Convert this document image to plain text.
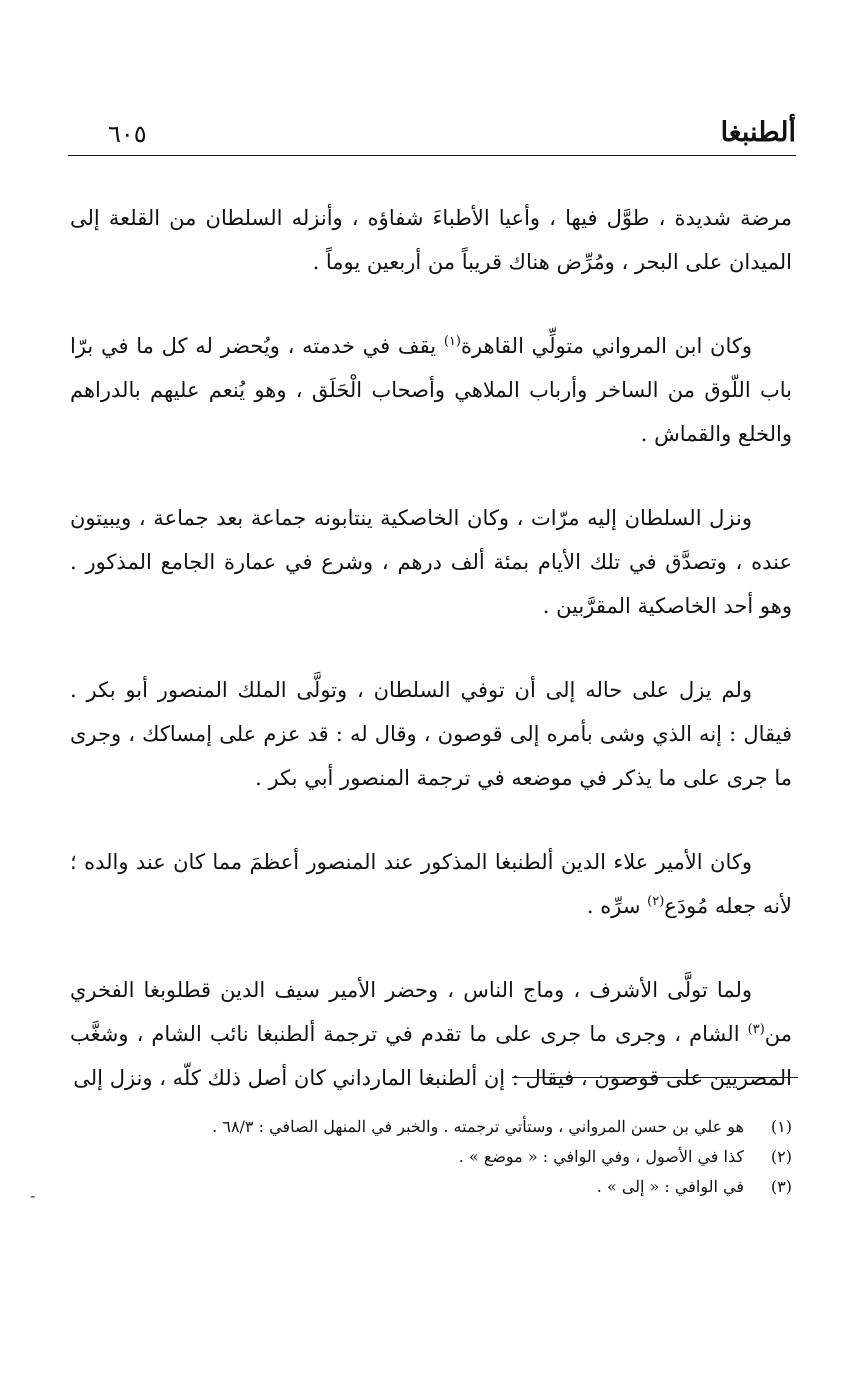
ألطنبغا
٦٠٥

مرضة شديدة ، طوَّل فيها ، وأعيا الأطباءَ شفاؤه ، وأنزله السلطان من القلعة إلى الميدان على البحر ، ومُرِّض هناك قريباً من أربعين يوماً .

وكان ابن المرواني متولِّي القاهرة$^{(١)}$ يقف في خدمته ، ويُحضر له كل ما في برّا باب اللّوق من الساخر وأرباب الملاهي وأصحاب الْحَلَق ، وهو يُنعم عليهم بالدراهم والخلع والقماش .

ونزل السلطان إليه مرّات ، وكان الخاصكية ينتابونه جماعة بعد جماعة ، ويبيتون عنده ، وتصدَّق في تلك الأيام بمئة ألف درهم ، وشرع في عمارة الجامع المذكور . وهو أحد الخاصكية المقرَّبين .

ولم يزل على حاله إلى أن توفي السلطان ، وتولَّى الملك المنصور أبو بكر . فيقال : إنه الذي وشى بأمره إلى قوصون ، وقال له : قد عزم على إمساكك ، وجرى ما جرى على ما يذكر في موضعه في ترجمة المنصور أبي بكر .

وكان الأمير علاء الدين ألطنبغا المذكور عند المنصور أعظمَ مما كان عند والده ؛ لأنه جعله مُودَع$^{(٢)}$ سرِّه .

ولما تولَّى الأشرف ، وماج الناس ، وحضر الأمير سيف الدين قطلوبغا الفخري من$^{(٣)}$ الشام ، وجرى ما جرى على ما تقدم في ترجمة ألطنبغا نائب الشام ، وشغَّب المصريين على قوصون ، فيقال : إن ألطنبغا المارداني كان أصل ذلك كلّه ، ونزل إلى

(١)
هو علي بن حسن المرواني ، وستأتي ترجمته . والخبر في المنهل الصافي : ٦٨/٣ .
(٢)
كذا في الأصول ، وفي الوافي : « موضع » .
(٣)
في الوافي : « إلى » .
-
